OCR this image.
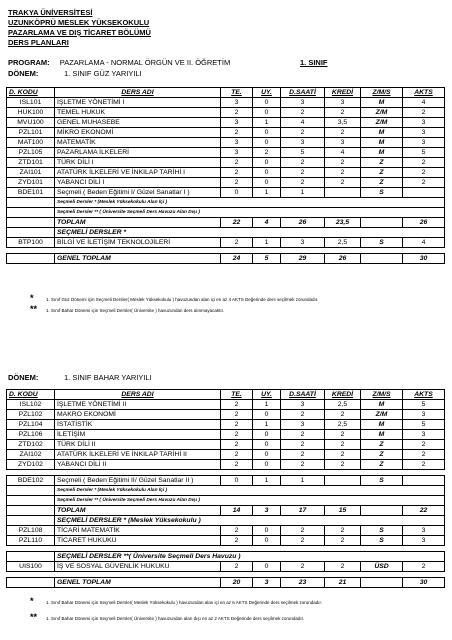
TRAKYA ÜNİVERSİTESİ
UZUNKÖPRÜ MESLEK YÜKSEKOKULU
PAZARLAMA VE DIŞ TİCARET BÖLÜMÜ
DERS PLANLARI
PROGRAM: PAZARLAMA - NORMAL ÖRGÜN VE II. ÖĞRETİM	1. SINIF
DÖNEM:	1. SINIF GÜZ YARIYILI
D. KODU	DERS ADI	TE.	UY.	D.SAATİ	KREDİ	Z/M/S	AKTS
ISL101	İŞLETME YÖNETİMİ I	3	0	3	3	M	4
HUK100	TEMEL HUKUK	2	0	2	2	Z/M	2
MVU100	GENEL MUHASEBE	3	1	4	3,5	Z/M	3
PZL101	MİKRO EKONOMİ	2	0	2	2	M	3
MAT100	MATEMATİK	3	0	3	3	M	3
PZL105	PAZARLAMA İLKELERİ	3	2	5	4	M	5
ZTD101	TÜRK DİLİ I	2	0	2	2	Z	2
ZAI101	ATATÜRK İLKELERİ VE İNKILAP TARİHİ I	2	0	2	2	Z	2
ZYD101	YABANCI DİLİ I	2	0	2	2	Z	2
BDE101	Seçmeli ( Beden Eğitimi I/ Güzel Sanatlar I )	0	1	1		S	
	Seçmeli Dersler * (Meslek Yüksekokulu Alan İçi )						
	Seçmeli Dersler ** ( Üniversite Seçmeli Ders Havuzu Alan Dışı )						
	TOPLAM	22	4	26	23,5		26
	SEÇMELİ DERSLER *						
BTP100	BİLGİ VE İLETİŞİM TEKNOLOJİLERİ	2	1	3	2,5	S	4

	GENEL TOPLAM	24	5	29	26		30
*	1. Sınıf Güz Dönemi için Seçmeli Dersler( Meslek Yüksekokulu ) havuzundan alan içi en az 4 AKTS Değerinde ders seçilmek zorundadır.
** 1. Sınıf Bahar Dönemi için Seçmeli Dersler( Üniversite ) havuzundan ders alınmayacaktır.
DÖNEM:	1. SINIF BAHAR YARIYILI
D. KODU	DERS ADI	TE.	UY.	D.SAATİ	KREDİ	Z/M/S	AKTS
ISL102	İŞLETME YÖNETİMİ II	2	1	3	2,5	M	5
PZL102	MAKRO EKONOMİ	2	0	2	2	Z/M	3
PZL104	İSTATİSTİK	2	1	3	2,5	M	5
PZL106	İLETİŞİM	2	0	2	2	M	3
ZTD102	TÜRK DİLİ II	2	0	2	2	Z	2
ZAI102	ATATÜRK İLKELERİ VE İNKILAP TARİHİ II	2	0	2	2	Z	2
ZYD102	YABANCI DİLİ II	2	0	2	2	Z	2

BDE102	Seçmeli ( Beden Eğitimi II/ Güzel Sanatlar II )	0	1	1		S	
	Seçmeli Dersler * (Meslek Yüksekokulu Alan İçi )						
	Seçmeli Dersler ** ( Üniversite Seçmeli Ders Havuzu Alan Dışı )						
	TOPLAM	14	3	17	15		22
	SEÇMELİ DERSLER * (Meslek Yüksekokulu )						
PZL108	TİCARİ MATEMATİK	2	0	2	2	S	3
PZL110	TİCARET HUKUKU	2	0	2	2	S	3

	SEÇMELİ DERSLER **( Üniversite Seçmeli Ders Havuzu )						
UIS100	İŞ VE SOSYAL GÜVENLİK HUKUKU	2	0	2	2	ÜSD	2

	GENEL TOPLAM	20	3	23	21		30
*	1. Sınıf Bahar Dönemi için Seçmeli Dersler( Meslek Yüksekokulu ) havuzundan alan içi en az 6 AKTS Değerinde ders seçilmek zorundadır.
** 1. Sınıf Bahar Dönemi için Seçmeli Dersler( Üniversite ) havuzundan alan dışı en az 2 AKTS Değerinde ders seçilmek zorundadır.
